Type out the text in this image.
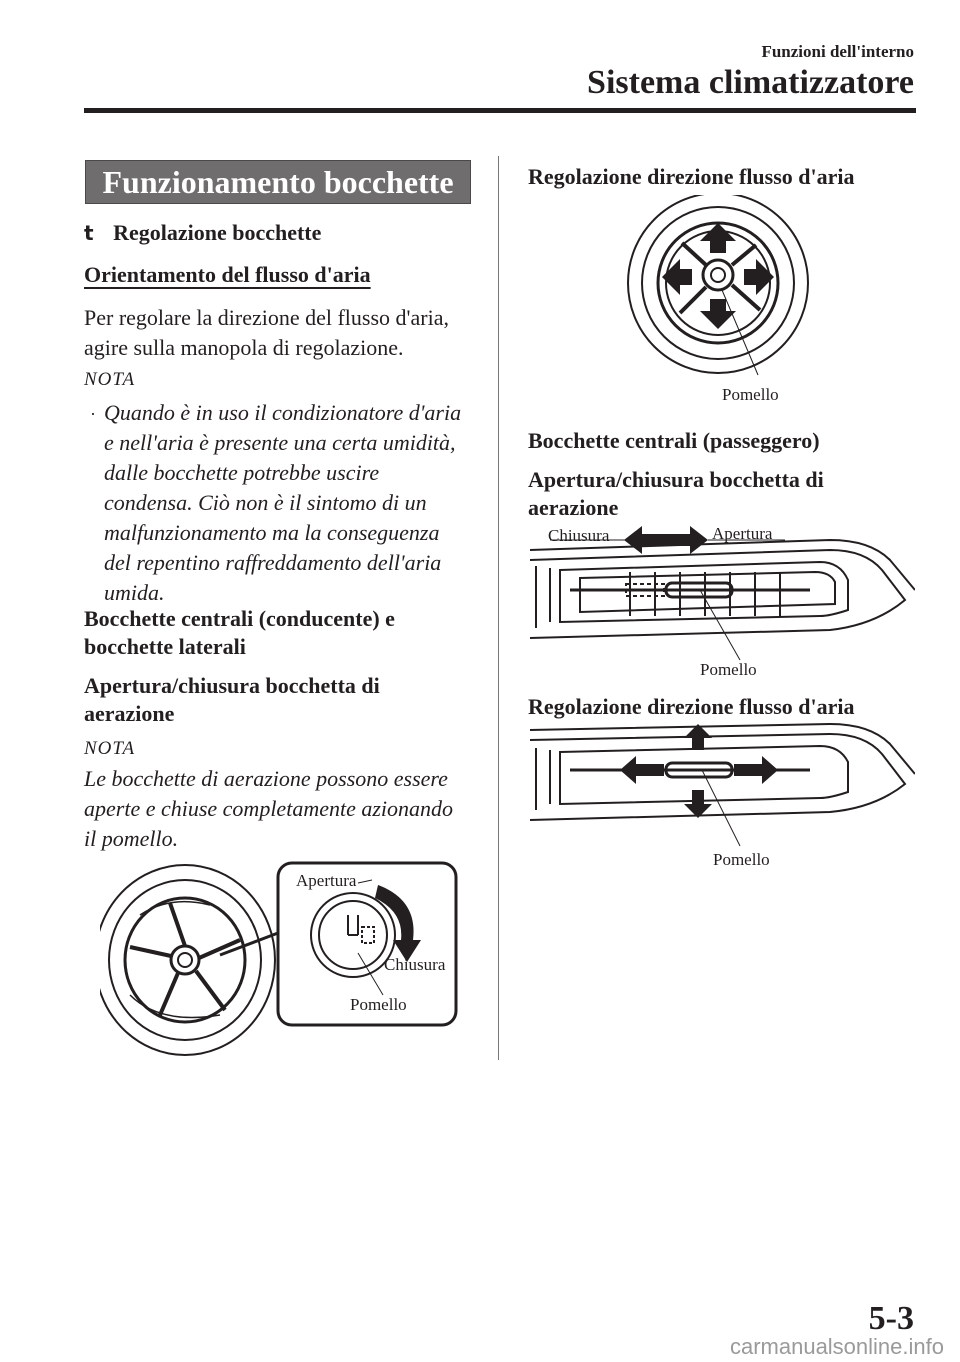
Funzioni dell'interno
Sistema climatizzatore
Funzionamento bocchette
t Regolazione bocchette
Orientamento del flusso d'aria
Per regolare la direzione del flusso d'aria,
agire sulla manopola di regolazione.
NOTA
· Quando è in uso il condizionatore d'aria
e nell'aria è presente una certa umidità,
dalle bocchette potrebbe uscire
condensa. Ciò non è il sintomo di un
malfunzionamento ma la conseguenza
del repentino raffreddamento dell'aria
umida.
Bocchette centrali (conducente) e
bocchette laterali
Apertura/chiusura bocchetta di
aerazione
NOTA
Le bocchette di aerazione possono essere
aperte e chiuse completamente azionando
il pomello.
Apertura
Chiusura
Pomello
Regolazione direzione flusso d'aria
Pomello
Bocchette centrali (passeggero)
Apertura/chiusura bocchetta di
aerazione
Chiusura	Apertura
Pomello
Regolazione direzione flusso d'aria
Pomello
5-3
carmanualsonline.info
